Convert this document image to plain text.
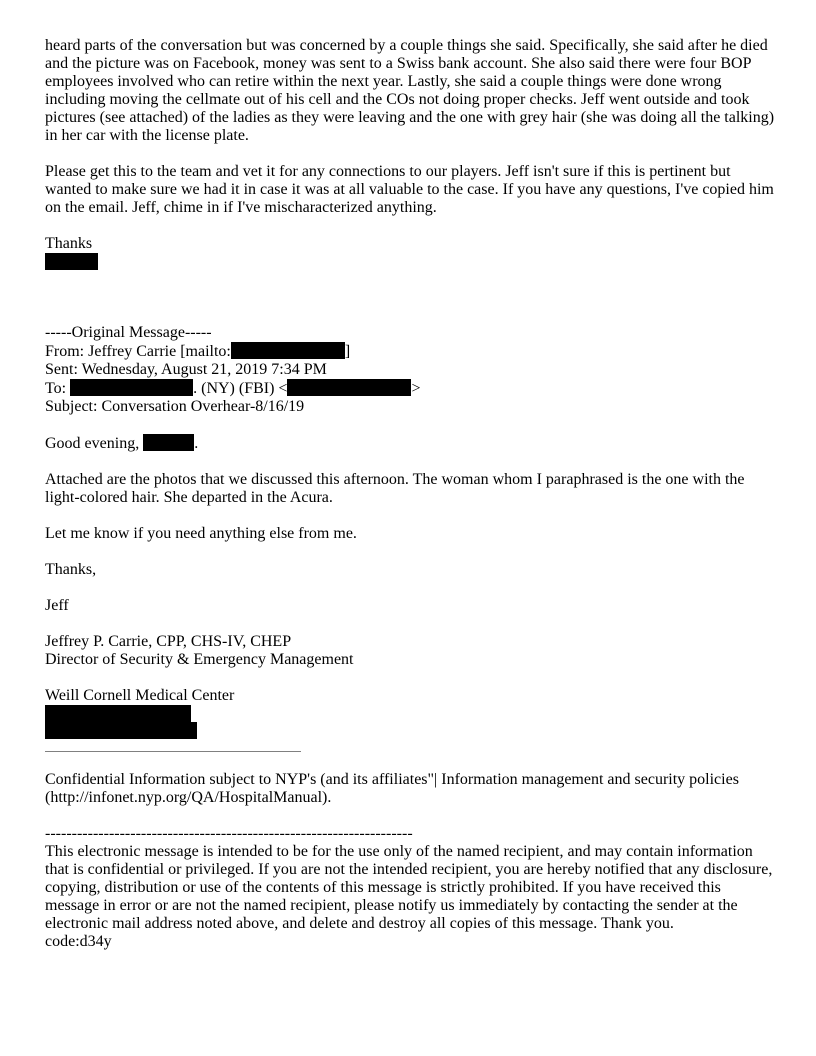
heard parts of the conversation but was concerned by a couple things she said. Specifically, she said after he died and the picture was on Facebook, money was sent to a Swiss bank account. She also said there were four BOP employees involved who can retire within the next year. Lastly, she said a couple things were done wrong including moving the cellmate out of his cell and the COs not doing proper checks. Jeff went outside and took pictures (see attached) of the ladies as they were leaving and the one with grey hair (she was doing all the talking) in her car with the license plate.

Please get this to the team and vet it for any connections to our players. Jeff isn't sure if this is pertinent but wanted to make sure we had it in case it was at all valuable to the case. If you have any questions, I've copied him on the email. Jeff, chime in if I've mischaracterized anything.

Thanks

-----Original Message-----

From: Jeffrey Carrie [mailto:	]

Sent: Wednesday, August 21, 2019 7:34 PM

To:	. (NY) (FBI) <	>

Subject: Conversation Overhear-8/16/19

Good evening,	.

Attached are the photos that we discussed this afternoon. The woman whom I paraphrased is the one with the light-colored hair. She departed in the Acura.

Let me know if you need anything else from me.

Thanks,

Jeff

Jeffrey P. Carrie, CPP, CHS-IV, CHEP

Director of Security & Emergency Management

Weill Cornell Medical Center

Confidential Information subject to NYP's (and its affiliates"| Information management and security policies (http://infonet.nyp.org/QA/HospitalManual).

---------------------------------------------------------------------

This electronic message is intended to be for the use only of the named recipient, and may contain information that is confidential or privileged. If you are not the intended recipient, you are hereby notified that any disclosure, copying, distribution or use of the contents of this message is strictly prohibited. If you have received this message in error or are not the named recipient, please notify us immediately by contacting the sender at the electronic mail address noted above, and delete and destroy all copies of this message. Thank you.

code:d34y
